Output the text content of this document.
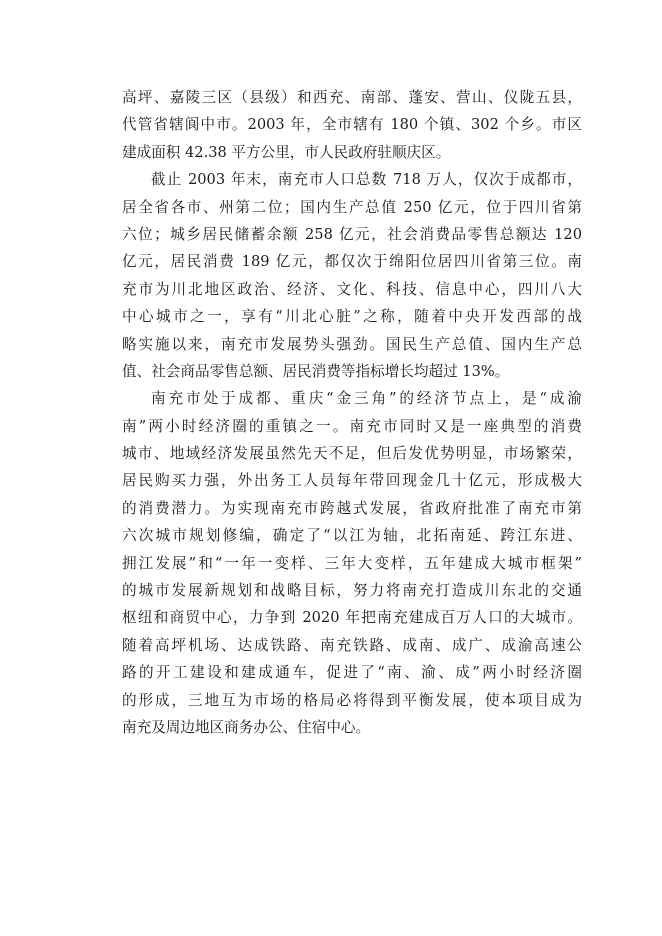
高坪、嘉陵三区（县级）和西充、南部、蓬安、营山、仪陇五县，
代管省辖阆中市。2003 年，全市辖有 180 个镇、302 个乡。市区
建成面积 42.38 平方公里，市人民政府驻顺庆区。
截止 2003 年末，南充市人口总数 718 万人，仅次于成都市，
居全省各市、州第二位；国内生产总值 250 亿元，位于四川省第
六位；城乡居民储蓄余额 258 亿元，社会消费品零售总额达 120
亿元，居民消费 189 亿元，都仅次于绵阳位居四川省第三位。南
充市为川北地区政治、经济、文化、科技、信息中心，四川八大
中心城市之一，享有“川北心脏”之称，随着中央开发西部的战
略实施以来，南充市发展势头强劲。国民生产总值、国内生产总
值、社会商品零售总额、居民消费等指标增长均超过 13%。
南充市处于成都、重庆“金三角”的经济节点上，是“成渝
南”两小时经济圈的重镇之一。南充市同时又是一座典型的消费
城市、地域经济发展虽然先天不足，但后发优势明显，市场繁荣，
居民购买力强，外出务工人员每年带回现金几十亿元，形成极大
的消费潜力。为实现南充市跨越式发展，省政府批准了南充市第
六次城市规划修编，确定了“以江为轴，北拓南延、跨江东进、
拥江发展”和“一年一变样、三年大变样，五年建成大城市框架”
的城市发展新规划和战略目标，努力将南充打造成川东北的交通
枢纽和商贸中心，力争到 2020 年把南充建成百万人口的大城市。
随着高坪机场、达成铁路、南充铁路、成南、成广、成渝高速公
路的开工建设和建成通车，促进了“南、渝、成”两小时经济圈
的形成，三地互为市场的格局必将得到平衡发展，使本项目成为
南充及周边地区商务办公、住宿中心。
